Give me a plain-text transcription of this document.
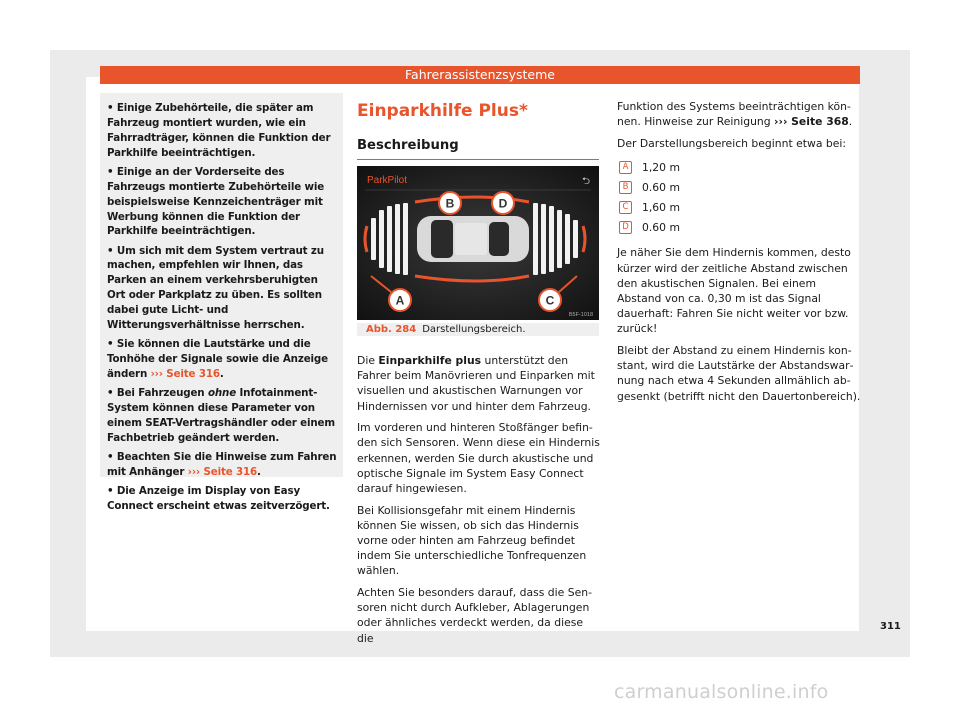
Fahrerassistenzsysteme

• Einige Zubehörteile, die später am Fahrzeug montiert wurden, wie ein Fahrradträger, können die Funktion der Parkhilfe beeinträchtigen.

• Einige an der Vorderseite des Fahrzeugs montierte Zubehörteile wie beispielsweise Kennzeichenträger mit Werbung können die Funktion der Parkhilfe beeinträchtigen.

• Um sich mit dem System vertraut zu machen, empfehlen wir Ihnen, das Parken an einem verkehrsberuhigten Ort oder Parkplatz zu üben. Es sollten dabei gute Licht- und Witterungsverhältnisse herrschen.

• Sie können die Lautstärke und die Tonhöhe der Signale sowie die Anzeige ändern ››› Seite 316.

• Bei Fahrzeugen ohne Infotainment-System können diese Parameter von einem SEAT-Vertragshändler oder einem Fachbetrieb geändert werden.

• Beachten Sie die Hinweise zum Fahren mit Anhänger ››› Seite 316.

• Die Anzeige im Display von Easy Connect erscheint etwas zeitverzögert.

Einparkhilfe Plus*
Beschreibung
ParkPilot	⮌
B	D
A	C
B5F-1018
Abb. 284 Darstellungsbereich.

Die Einparkhilfe plus unterstützt den Fahrer beim Manövrieren und Einparken mit visuellen und akustischen Warnungen vor Hindernissen vor und hinter dem Fahrzeug.

Im vorderen und hinteren Stoßfänger befinden sich Sensoren. Wenn diese ein Hindernis erkennen, werden Sie durch akustische und optische Signale im System Easy Connect darauf hingewiesen.

Bei Kollisionsgefahr mit einem Hindernis können Sie wissen, ob sich das Hindernis vorne oder hinten am Fahrzeug befindet indem Sie unterschiedliche Tonfrequenzen wählen.

Achten Sie besonders darauf, dass die Sensoren nicht durch Aufkleber, Ablagerungen oder ähnliches verdeckt werden, da diese die

Funktion des Systems beeinträchtigen können. Hinweise zur Reinigung ››› Seite 368.

Der Darstellungsbereich beginnt etwa bei:

A	1,20 m
B	0.60 m
C	1,60 m
D 0.60 m

Je näher Sie dem Hindernis kommen, desto kürzer wird der zeitliche Abstand zwischen den akustischen Signalen. Bei einem Abstand von ca. 0,30 m ist das Signal dauerhaft: Fahren Sie nicht weiter vor bzw. zurück!

Bleibt der Abstand zu einem Hindernis konstant, wird die Lautstärke der Abstandswarnung nach etwa 4 Sekunden allmählich abgesenkt (betrifft nicht den Dauertonbereich).

311
carmanualsonline.info
